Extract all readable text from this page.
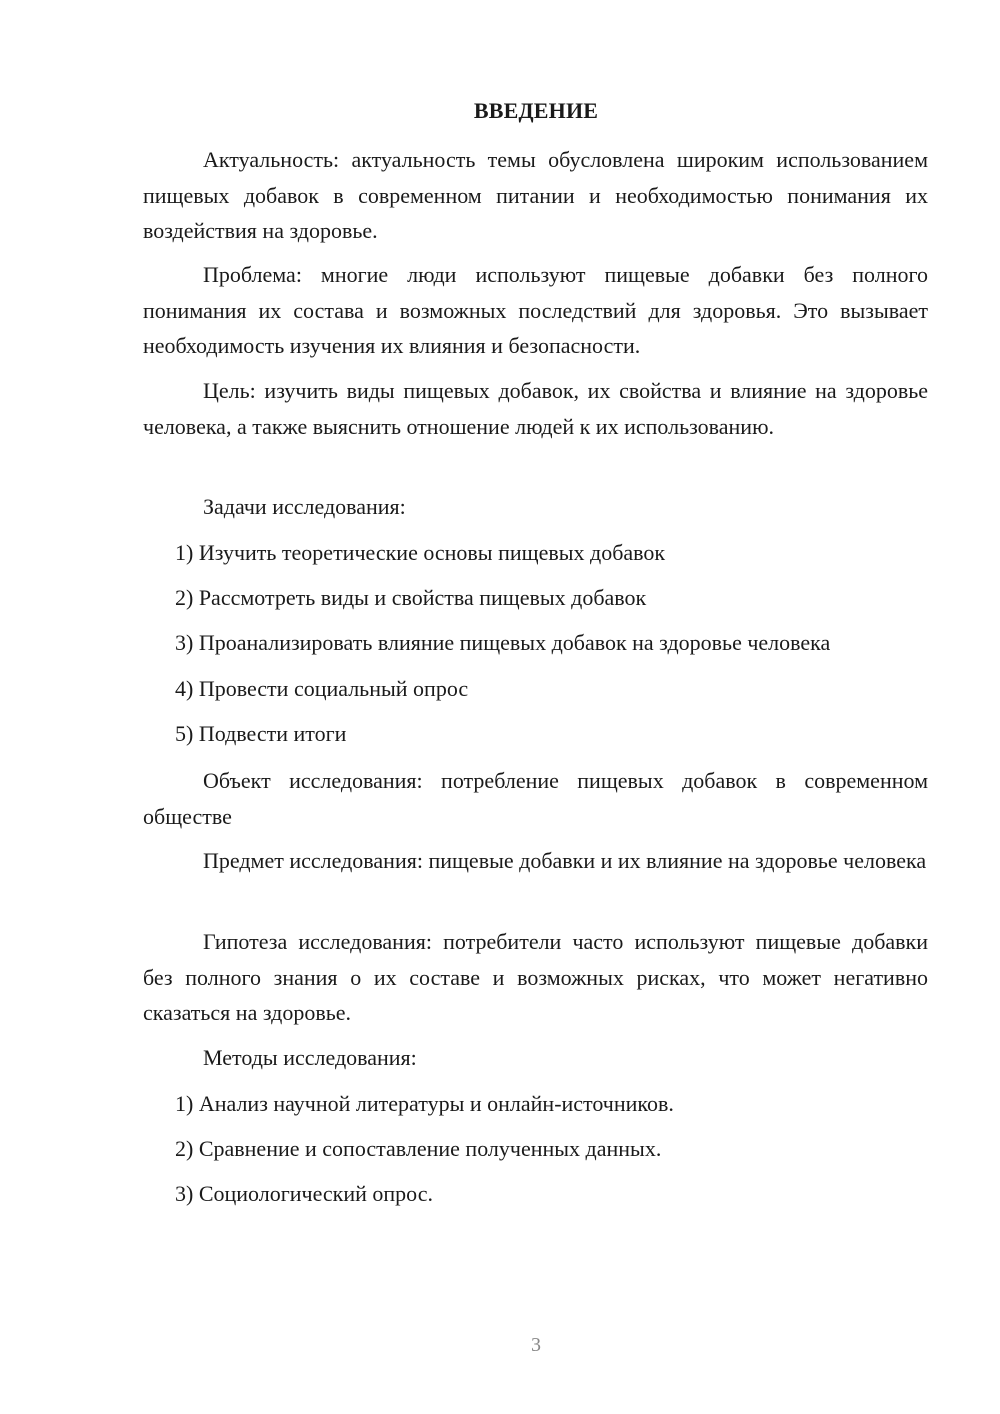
ВВЕДЕНИЕ

Актуальность: актуальность темы обусловлена широким использованием пищевых добавок в современном питании и необходимостью понимания их воздействия на здоровье.

Проблема: многие люди используют пищевые добавки без полного понимания их состава и возможных последствий для здоровья. Это вызывает необходимость изучения их влияния и безопасности.

Цель: изучить виды пищевых добавок, их свойства и влияние на здоровье человека, а также выяснить отношение людей к их использованию.

Задачи исследования:

1) Изучить теоретические основы пищевых добавок

2) Рассмотреть виды и свойства пищевых добавок

3) Проанализировать влияние пищевых добавок на здоровье человека

4) Провести социальный опрос

5) Подвести итоги

Объект исследования: потребление пищевых добавок в современном обществе

Предмет исследования: пищевые добавки и их влияние на здоровье человека

Гипотеза исследования: потребители часто используют пищевые добавки без полного знания о их составе и возможных рисках, что может негативно сказаться на здоровье.

Методы исследования:

1) Анализ научной литературы и онлайн-источников.

2) Сравнение и сопоставление полученных данных.

3) Социологический опрос.

3
